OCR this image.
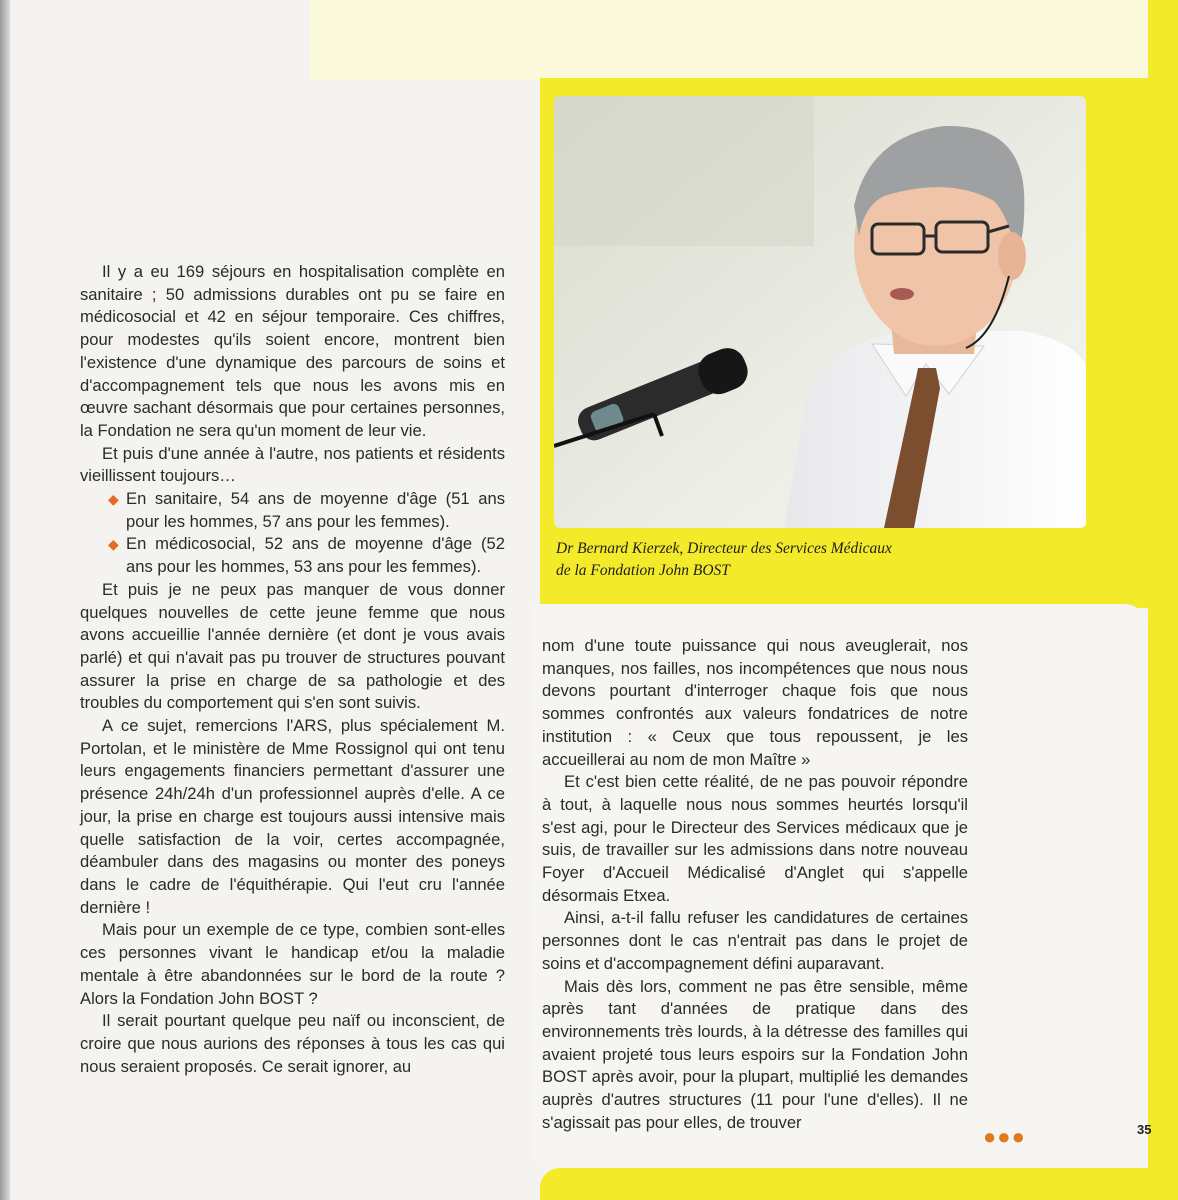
Dr Bernard Kierzek, Directeur des Services Médicaux
de la Fondation John BOST

Il y a eu 169 séjours en hospitalisation complète en sanitaire ; 50 admissions durables ont pu se faire en médicosocial et 42 en séjour temporaire. Ces chiffres, pour modestes qu'ils soient encore, montrent bien l'existence d'une dynamique des parcours de soins et d'accompagnement tels que nous les avons mis en œuvre sachant désormais que pour certaines personnes, la Fondation ne sera qu'un moment de leur vie.

Et puis d'une année à l'autre, nos patients et résidents vieillissent toujours…

◆ En sanitaire, 54 ans de moyenne d'âge (51 ans pour les hommes, 57 ans pour les femmes).

◆ En médicosocial, 52 ans de moyenne d'âge (52 ans pour les hommes, 53 ans pour les femmes).

Et puis je ne peux pas manquer de vous donner quelques nouvelles de cette jeune femme que nous avons accueillie l'année dernière (et dont je vous avais parlé) et qui n'avait pas pu trouver de structures pouvant assurer la prise en charge de sa pathologie et des troubles du comportement qui s'en sont suivis.

A ce sujet, remercions l'ARS, plus spécialement M. Portolan, et le ministère de Mme Rossignol qui ont tenu leurs engagements financiers permettant d'assurer une présence 24h/24h d'un professionnel auprès d'elle. A ce jour, la prise en charge est toujours aussi intensive mais quelle satisfaction de la voir, certes accompagnée, déambuler dans des magasins ou monter des poneys dans le cadre de l'équithérapie. Qui l'eut cru l'année dernière !

Mais pour un exemple de ce type, combien sont-elles ces personnes vivant le handicap et/ou la maladie mentale à être abandonnées sur le bord de la route ? Alors la Fondation John BOST ?

Il serait pourtant quelque peu naïf ou inconscient, de croire que nous aurions des réponses à tous les cas qui nous seraient proposés. Ce serait ignorer, au

nom d'une toute puissance qui nous aveuglerait, nos manques, nos failles, nos incompétences que nous nous devons pourtant d'interroger chaque fois que nous sommes confrontés aux valeurs fondatrices de notre institution : « Ceux que tous repoussent, je les accueillerai au nom de mon Maître »

Et c'est bien cette réalité, de ne pas pouvoir répondre à tout, à laquelle nous nous sommes heurtés lorsqu'il s'est agi, pour le Directeur des Services médicaux que je suis, de travailler sur les admissions dans notre nouveau Foyer d'Accueil Médicalisé d'Anglet qui s'appelle désormais Etxea.

Ainsi, a-t-il fallu refuser les candidatures de certaines personnes dont le cas n'entrait pas dans le projet de soins et d'accompagnement défini auparavant.

Mais dès lors, comment ne pas être sensible, même après tant d'années de pratique dans des environnements très lourds, à la détresse des familles qui avaient projeté tous leurs espoirs sur la Fondation John BOST après avoir, pour la plupart, multiplié les demandes auprès d'autres structures (11 pour l'une d'elles). Il ne s'agissait pas pour elles, de trouver

●●●	35
